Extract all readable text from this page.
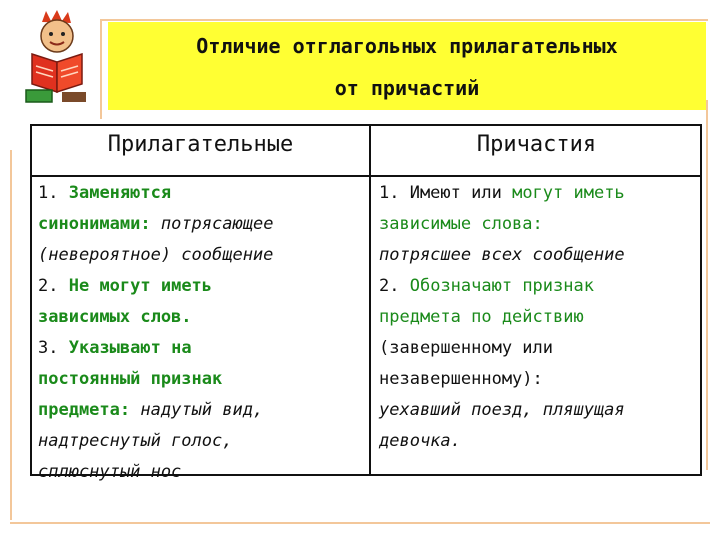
Отличие отглагольных прилагательных
от причастий
Прилагательные	Причастия

1. Заменяются

синонимами: потрясающее

(невероятное) сообщение

2. Не могут иметь

зависимых слов.

3. Указывают на

постоянный признак

предмета: надутый вид,

надтреснутый голос,

сплюснутый нос

1. Имеют или могут иметь

зависимые слова:

потрясшее всех сообщение

2. Обозначают признак

предмета по действию

(завершенному или

незавершенному):

уехавший поезд, пляшущая

девочка.
